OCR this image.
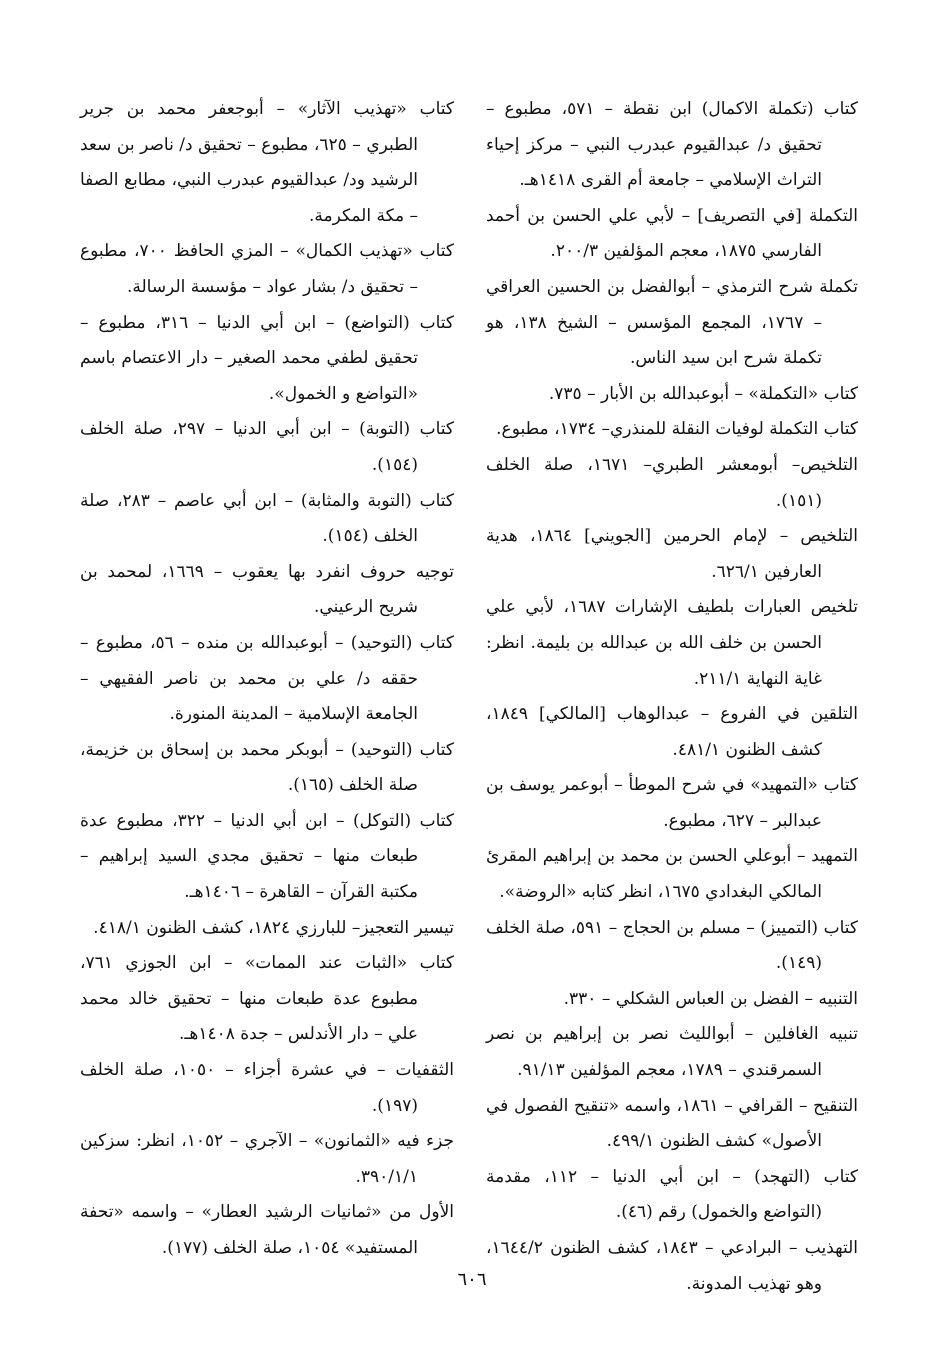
كتاب (تكملة الاكمال) ابن نقطة – ٥٧١، مطبوع – تحقيق د/ عبدالقيوم عبدرب النبي – مركز إحياء التراث الإسلامي – جامعة أم القرى ١٤١٨هـ.

التكملة [في التصريف] – لأبي علي الحسن بن أحمد الفارسي ١٨٧٥، معجم المؤلفين ٢٠٠/٣.

تكملة شرح الترمذي – أبوالفضل بن الحسين العراقي – ١٧٦٧، المجمع المؤسس – الشيخ ١٣٨، هو تكملة شرح ابن سيد الناس.

كتاب «التكملة» – أبوعبدالله بن الأبار – ٧٣٥.

كتاب التكملة لوفيات النقلة للمنذري– ١٧٣٤، مطبوع.

التلخيص– أبومعشر الطبري– ١٦٧١، صلة الخلف (١٥١).

التلخيص – لإمام الحرمين [الجويني] ١٨٦٤، هدية العارفين ٦٢٦/١.

تلخيص العبارات بلطيف الإشارات ١٦٨٧، لأبي علي الحسن بن خلف الله بن عبدالله بن بليمة. انظر: غاية النهاية ٢١١/١.

التلقين في الفروع – عبدالوهاب [المالكي] ١٨٤٩، كشف الظنون ٤٨١/١.

كتاب «التمهيد» في شرح الموطأ – أبوعمر يوسف بن عبدالبر – ٦٢٧، مطبوع.

التمهيد – أبوعلي الحسن بن محمد بن إبراهيم المقرئ المالكي البغدادي ١٦٧٥، انظر كتابه «الروضة».

كتاب (التمييز) – مسلم بن الحجاج – ٥٩١، صلة الخلف (١٤٩).

التنبيه – الفضل بن العباس الشكلي – ٣٣٠.

تنبيه الغافلين – أبوالليث نصر بن إبراهيم بن نصر السمرقندي – ١٧٨٩، معجم المؤلفين ٩١/١٣.

التنقيح – القرافي – ١٨٦١، واسمه «تنقيح الفصول في الأصول» كشف الظنون ٤٩٩/١.

كتاب (التهجد) – ابن أبي الدنيا – ١١٢، مقدمة (التواضع والخمول) رقم (٤٦).

التهذيب – البرادعي – ١٨٤٣، كشف الظنون ١٦٤٤/٢، وهو تهذيب المدونة.

كتاب «تهذيب الآثار» – أبوجعفر محمد بن جرير الطبري – ٦٢٥، مطبوع – تحقيق د/ ناصر بن سعد الرشيد ود/ عبدالقيوم عبدرب النبي، مطابع الصفا – مكة المكرمة.

كتاب «تهذيب الكمال» – المزي الحافظ ٧٠٠، مطبوع – تحقيق د/ بشار عواد – مؤسسة الرسالة.

كتاب (التواضع) – ابن أبي الدنيا – ٣١٦، مطبوع – تحقيق لطفي محمد الصغير – دار الاعتصام باسم «التواضع و الخمول».

كتاب (التوبة) – ابن أبي الدنيا – ٢٩٧، صلة الخلف (١٥٤).

كتاب (التوبة والمثابة) – ابن أبي عاصم – ٢٨٣، صلة الخلف (١٥٤).

توجيه حروف انفرد بها يعقوب – ١٦٦٩، لمحمد بن شريح الرعيني.

كتاب (التوحيد) – أبوعبدالله بن منده – ٥٦، مطبوع – حققه د/ علي بن محمد بن ناصر الفقيهي – الجامعة الإسلامية – المدينة المنورة.

كتاب (التوحيد) – أبوبكر محمد بن إسحاق بن خزيمة، صلة الخلف (١٦٥).

كتاب (التوكل) – ابن أبي الدنيا – ٣٢٢، مطبوع عدة طبعات منها – تحقيق مجدي السيد إبراهيم – مكتبة القرآن – القاهرة – ١٤٠٦هـ.

تيسير التعجيز– للبارزي ١٨٢٤، كشف الظنون ٤١٨/١.

كتاب «الثبات عند الممات» – ابن الجوزي ٧٦١، مطبوع عدة طبعات منها – تحقيق خالد محمد علي – دار الأندلس – جدة ١٤٠٨هـ.

الثقفيات – في عشرة أجزاء – ١٠٥٠، صلة الخلف (١٩٧).

جزء فيه «الثمانون» – الآجري – ١٠٥٢، انظر: سزكين ٣٩٠/١/١.

الأول من «ثمانيات الرشيد العطار» – واسمه «تحفة المستفيد» ١٠٥٤، صلة الخلف (١٧٧).

٦٠٦
